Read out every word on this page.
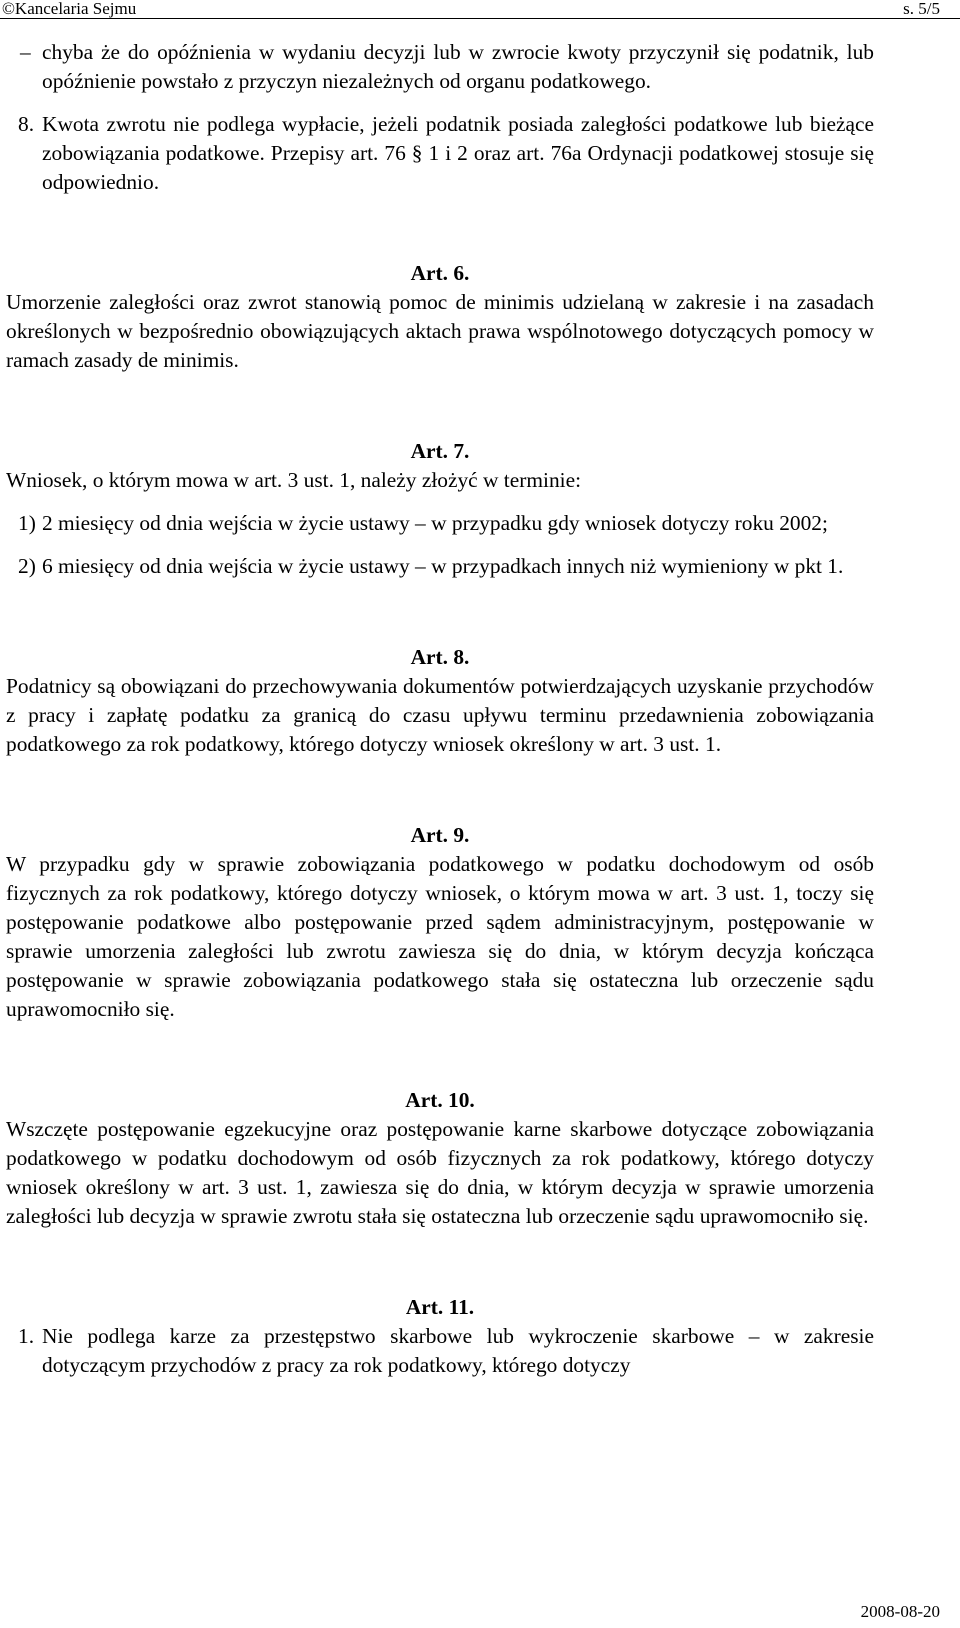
©Kancelaria Sejmu	s. 5/5

– chyba że do opóźnienia w wydaniu decyzji lub w zwrocie kwoty przyczynił się podatnik, lub opóźnienie powstało z przyczyn niezależnych od organu podatkowego.

8. Kwota zwrotu nie podlega wypłacie, jeżeli podatnik posiada zaległości podatkowe lub bieżące zobowiązania podatkowe. Przepisy art. 76 § 1 i 2 oraz art. 76a Ordynacji podatkowej stosuje się odpowiednio.

Art. 6.

Umorzenie zaległości oraz zwrot stanowią pomoc de minimis udzielaną w zakresie i na zasadach określonych w bezpośrednio obowiązujących aktach prawa wspólnotowego dotyczących pomocy w ramach zasady de minimis.

Art. 7.

Wniosek, o którym mowa w art. 3 ust. 1, należy złożyć w terminie:

1) 2 miesięcy od dnia wejścia w życie ustawy – w przypadku gdy wniosek dotyczy roku 2002;

2) 6 miesięcy od dnia wejścia w życie ustawy – w przypadkach innych niż wymieniony w pkt 1.

Art. 8.

Podatnicy są obowiązani do przechowywania dokumentów potwierdzających uzyskanie przychodów z pracy i zapłatę podatku za granicą do czasu upływu terminu przedawnienia zobowiązania podatkowego za rok podatkowy, którego dotyczy wniosek określony w art. 3 ust. 1.

Art. 9.

W przypadku gdy w sprawie zobowiązania podatkowego w podatku dochodowym od osób fizycznych za rok podatkowy, którego dotyczy wniosek, o którym mowa w art. 3 ust. 1, toczy się postępowanie podatkowe albo postępowanie przed sądem administracyjnym, postępowanie w sprawie umorzenia zaległości lub zwrotu zawiesza się do dnia, w którym decyzja kończąca postępowanie w sprawie zobowiązania podatkowego stała się ostateczna lub orzeczenie sądu uprawomocniło się.

Art. 10.

Wszczęte postępowanie egzekucyjne oraz postępowanie karne skarbowe dotyczące zobowiązania podatkowego w podatku dochodowym od osób fizycznych za rok podatkowy, którego dotyczy wniosek określony w art. 3 ust. 1, zawiesza się do dnia, w którym decyzja w sprawie umorzenia zaległości lub decyzja w sprawie zwrotu stała się ostateczna lub orzeczenie sądu uprawomocniło się.

Art. 11.

1. Nie podlega karze za przestępstwo skarbowe lub wykroczenie skarbowe – w zakresie dotyczącym przychodów z pracy za rok podatkowy, którego dotyczy

2008-08-20
